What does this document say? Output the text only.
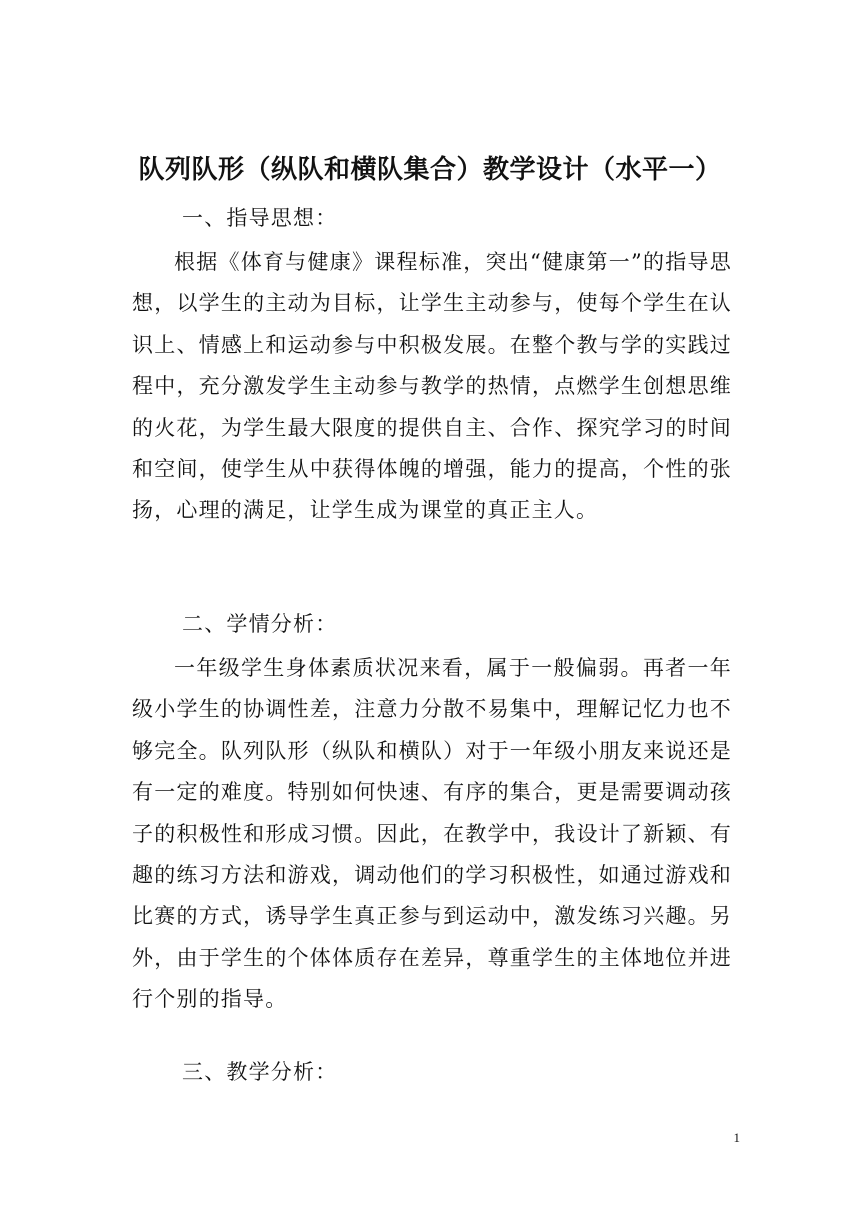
队列队形（纵队和横队集合）教学设计（水平一）

一、指导思想：

根据《体育与健康》课程标准，突出“健康第一”的指导思想，以学生的主动为目标，让学生主动参与，使每个学生在认识上、情感上和运动参与中积极发展。在整个教与学的实践过程中，充分激发学生主动参与教学的热情，点燃学生创想思维的火花，为学生最大限度的提供自主、合作、探究学习的时间和空间，使学生从中获得体魄的增强，能力的提高，个性的张扬，心理的满足，让学生成为课堂的真正主人。

二、学情分析：

一年级学生身体素质状况来看，属于一般偏弱。再者一年级小学生的协调性差，注意力分散不易集中，理解记忆力也不够完全。队列队形（纵队和横队）对于一年级小朋友来说还是有一定的难度。特别如何快速、有序的集合，更是需要调动孩子的积极性和形成习惯。因此，在教学中，我设计了新颖、有趣的练习方法和游戏，调动他们的学习积极性，如通过游戏和比赛的方式，诱导学生真正参与到运动中，激发练习兴趣。另外，由于学生的个体体质存在差异，尊重学生的主体地位并进行个别的指导。

三、教学分析：

1
